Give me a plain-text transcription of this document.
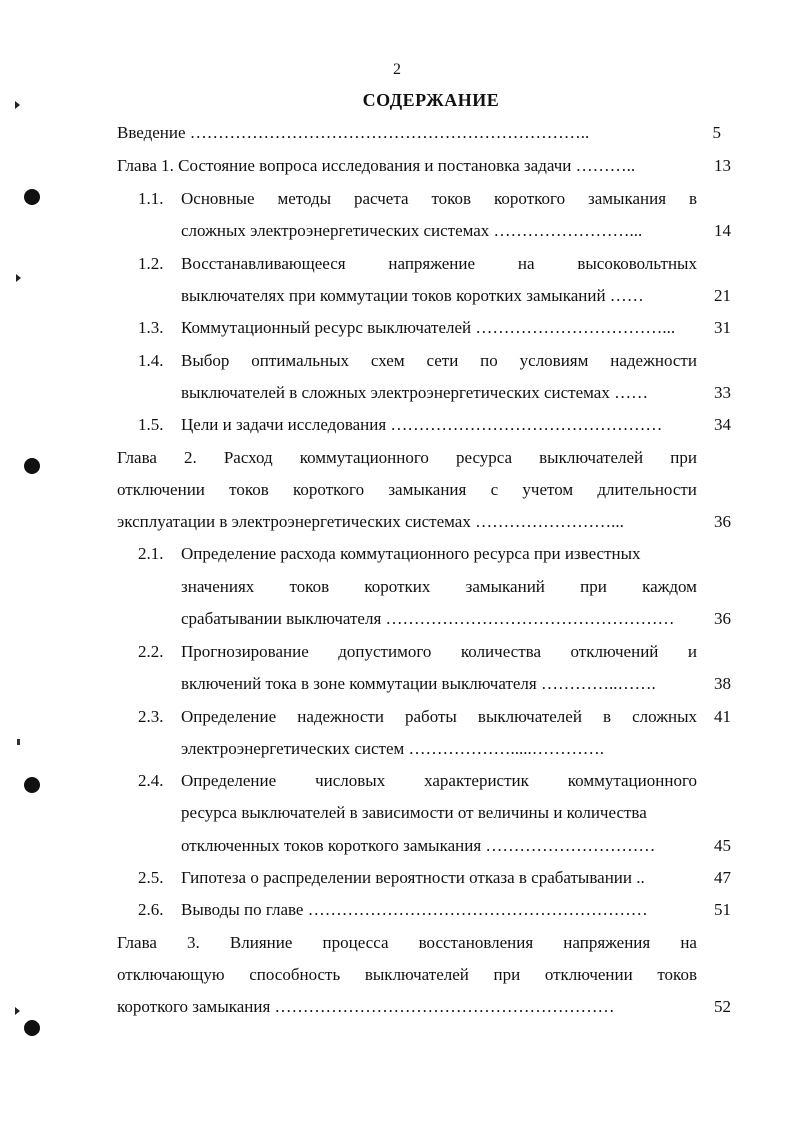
2
СОДЕРЖАНИЕ
Введение ……………………………………………………………..	5
Глава 1. Состояние вопроса исследования и постановка задачи ………..	13
1.1. Основные методы расчета токов короткого замыкания в
сложных электроэнергетических системах ……………………...	14
1.2. Восстанавливающееся	напряжение	на	высоковольтных
выключателях при коммутации токов коротких замыканий ……	21
1.3. Коммутационный ресурс выключателей ……………………………...	31
1.4. Выбор оптимальных схем сети по условиям надежности
выключателей в сложных электроэнергетических системах ……	33
1.5. Цели и задачи исследования …………………………………………	34
Глава 2. Расход коммутационного ресурса выключателей при
отключении токов короткого замыкания с учетом длительности
эксплуатации в электроэнергетических системах ……………………...	36
2.1. Определение расхода коммутационного ресурса при известных
значениях токов коротких замыканий при каждом
срабатывании выключателя ……………………………………………	36
2.2. Прогнозирование допустимого количества отключений и
включений тока в зоне коммутации выключателя …………..…….	38
2.3. Определение надежности работы выключателей в сложных	41
электроэнергетических систем ……………….....………….
2.4. Определение числовых характеристик коммутационного
ресурса выключателей в зависимости от величины и количества
отключенных токов короткого замыкания …………………………	45
2.5. Гипотеза о распределении вероятности отказа в срабатывании ..	47
2.6. Выводы по главе ……………………………………………………	51
Глава 3. Влияние процесса восстановления напряжения на
отключающую способность выключателей при отключении токов
короткого замыкания ……………………………………………………	52
